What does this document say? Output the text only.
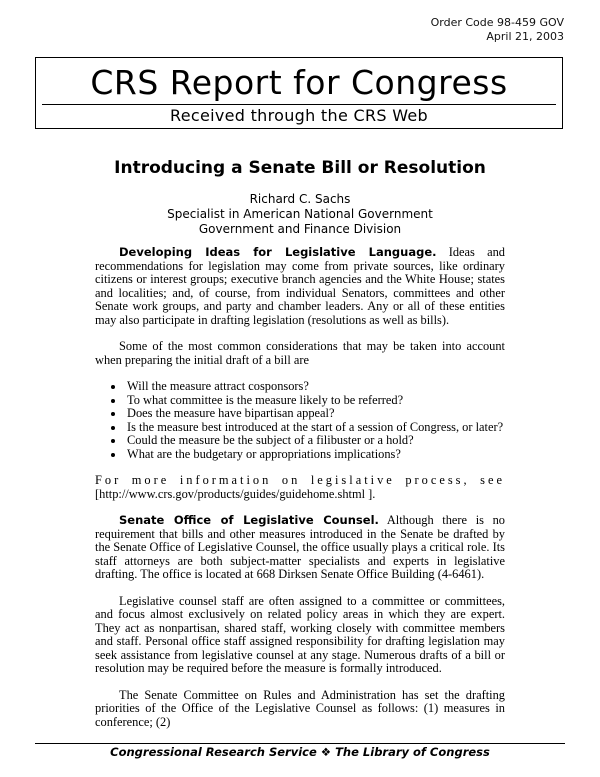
Order Code 98-459 GOV
April 21, 2003
CRS Report for Congress
Received through the CRS Web
Introducing a Senate Bill or Resolution
Richard C. Sachs
Specialist in American National Government
Government and Finance Division

Developing Ideas for Legislative Language. Ideas and recommendations for legislation may come from private sources, like ordinary citizens or interest groups; executive branch agencies and the White House; states and localities; and, of course, from individual Senators, committees and other Senate work groups, and party and chamber leaders. Any or all of these entities may also participate in drafting legislation (resolutions as well as bills).

Some of the most common considerations that may be taken into account when preparing the initial draft of a bill are

• Will the measure attract cosponsors?
• To what committee is the measure likely to be referred?
• Does the measure have bipartisan appeal?
• Is the measure best introduced at the start of a session of Congress, or later?
• Could the measure be the subject of a filibuster or a hold?
• What are the budgetary or appropriations implications?

For more information on legislative process, see
[http://www.crs.gov/products/guides/guidehome.shtml ].

Senate Office of Legislative Counsel. Although there is no requirement that bills and other measures introduced in the Senate be drafted by the Senate Office of Legislative Counsel, the office usually plays a critical role. Its staff attorneys are both subject-matter specialists and experts in legislative drafting. The office is located at 668 Dirksen Senate Office Building (4-6461).

Legislative counsel staff are often assigned to a committee or committees, and focus almost exclusively on related policy areas in which they are expert. They act as nonpartisan, shared staff, working closely with committee members and staff. Personal office staff assigned responsibility for drafting legislation may seek assistance from legislative counsel at any stage. Numerous drafts of a bill or resolution may be required before the measure is formally introduced.

The Senate Committee on Rules and Administration has set the drafting priorities of the Office of the Legislative Counsel as follows: (1) measures in conference; (2)

Congressional Research Service ❖ The Library of Congress
